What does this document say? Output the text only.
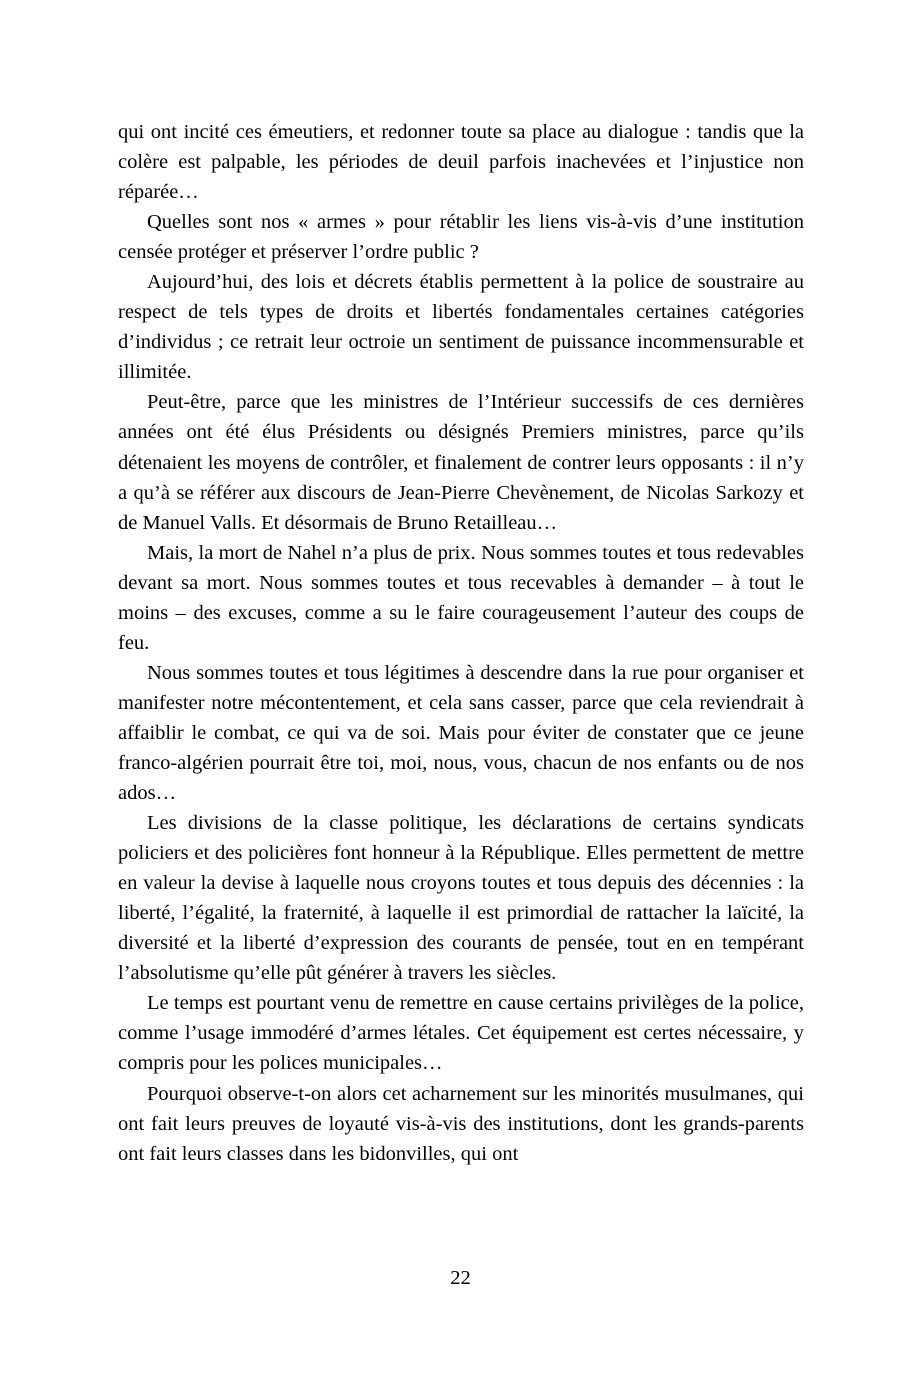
qui ont incité ces émeutiers, et redonner toute sa place au dialogue : tandis que la colère est palpable, les périodes de deuil parfois inachevées et l’injustice non réparée…

Quelles sont nos « armes » pour rétablir les liens vis-à-vis d’une institution censée protéger et préserver l’ordre public ?

Aujourd’hui, des lois et décrets établis permettent à la police de soustraire au respect de tels types de droits et libertés fondamentales certaines catégories d’individus ; ce retrait leur octroie un sentiment de puissance incommensurable et illimitée.

Peut-être, parce que les ministres de l’Intérieur successifs de ces dernières années ont été élus Présidents ou désignés Premiers ministres, parce qu’ils détenaient les moyens de contrôler, et finalement de contrer leurs opposants : il n’y a qu’à se référer aux discours de Jean-Pierre Chevènement, de Nicolas Sarkozy et de Manuel Valls. Et désormais de Bruno Retailleau…

Mais, la mort de Nahel n’a plus de prix. Nous sommes toutes et tous redevables devant sa mort. Nous sommes toutes et tous recevables à demander – à tout le moins – des excuses, comme a su le faire courageusement l’auteur des coups de feu.

Nous sommes toutes et tous légitimes à descendre dans la rue pour organiser et manifester notre mécontentement, et cela sans casser, parce que cela reviendrait à affaiblir le combat, ce qui va de soi. Mais pour éviter de constater que ce jeune franco-algérien pourrait être toi, moi, nous, vous, chacun de nos enfants ou de nos ados…

Les divisions de la classe politique, les déclarations de certains syndicats policiers et des policières font honneur à la République. Elles permettent de mettre en valeur la devise à laquelle nous croyons toutes et tous depuis des décennies : la liberté, l’égalité, la fraternité, à laquelle il est primordial de rattacher la laïcité, la diversité et la liberté d’expression des courants de pensée, tout en en tempérant l’absolutisme qu’elle pût générer à travers les siècles.

Le temps est pourtant venu de remettre en cause certains privilèges de la police, comme l’usage immodéré d’armes létales. Cet équipement est certes nécessaire, y compris pour les polices municipales…

Pourquoi observe-t-on alors cet acharnement sur les minorités musulmanes, qui ont fait leurs preuves de loyauté vis-à-vis des institutions, dont les grands-parents ont fait leurs classes dans les bidonvilles, qui ont

22
